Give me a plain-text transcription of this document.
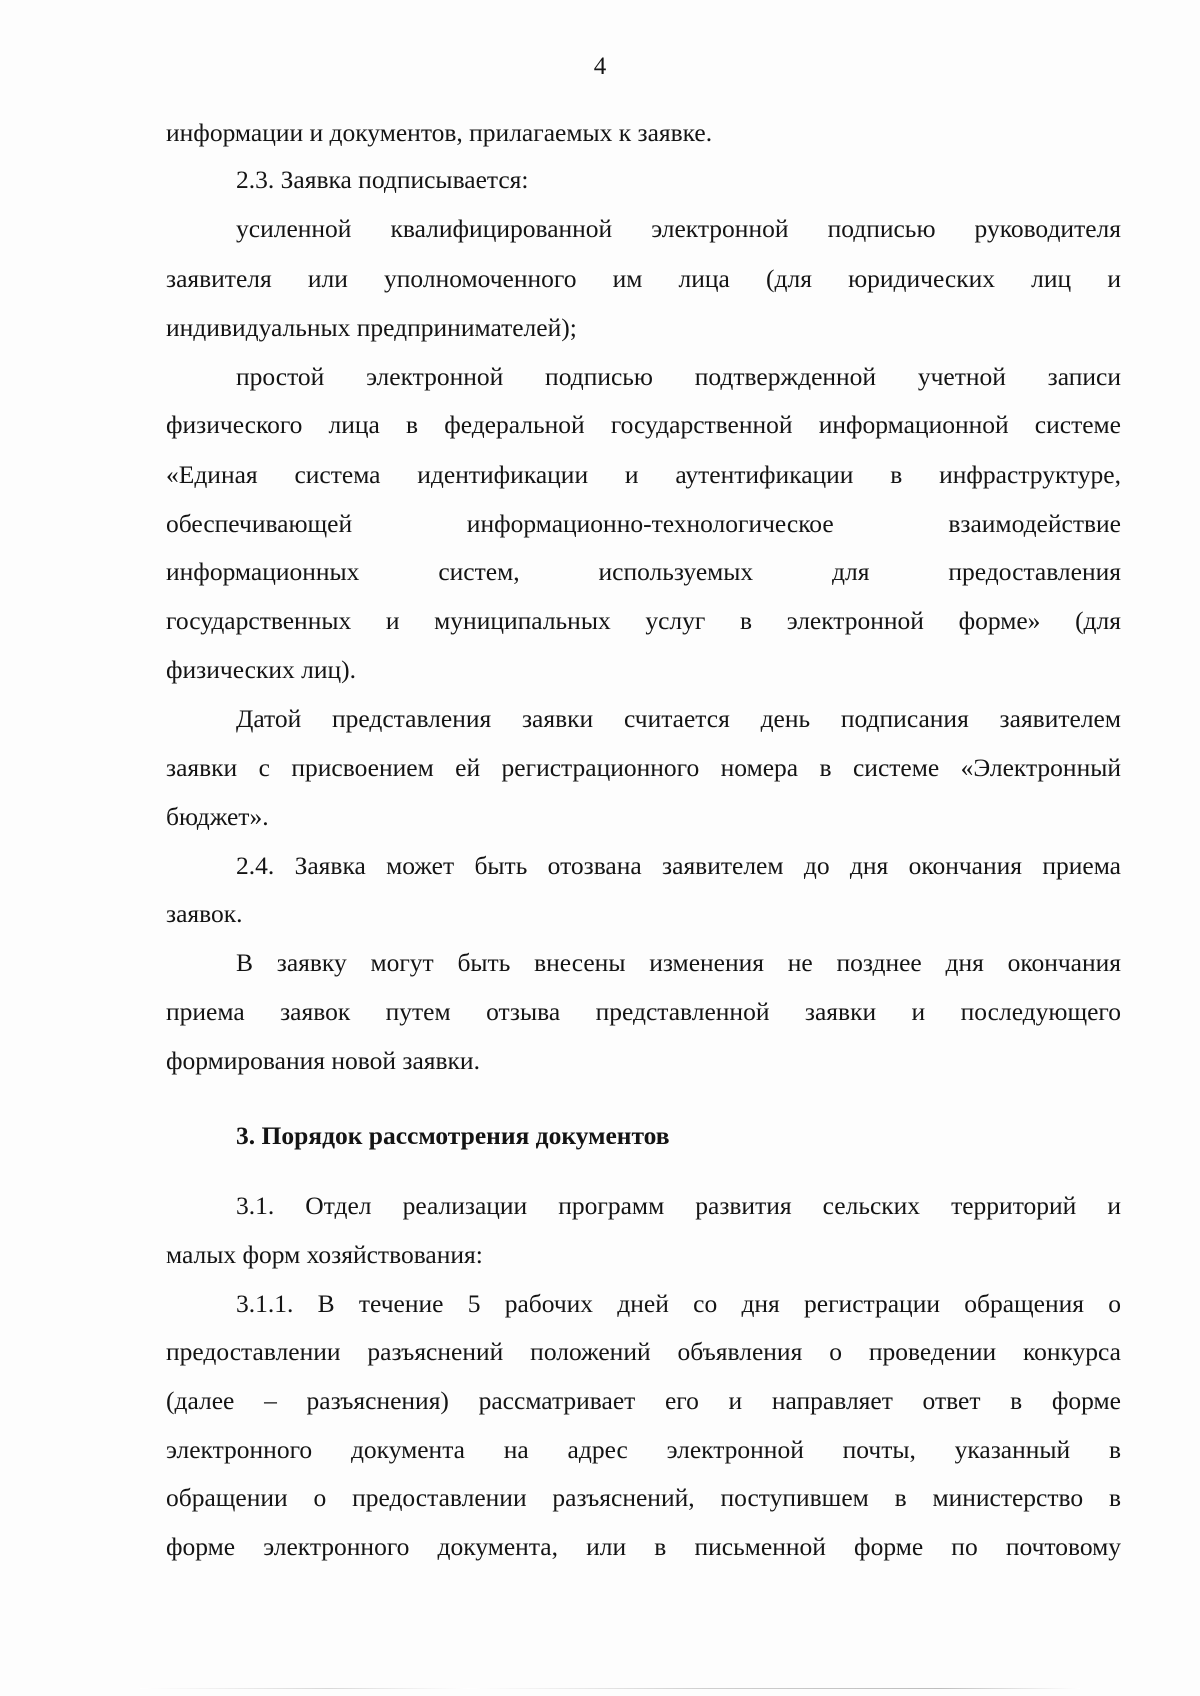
4
информации и документов, прилагаемых к заявке.
2.3. Заявка подписывается:
усиленной квалифицированной электронной подписью руководителя
заявителя или уполномоченного им лица (для юридических лиц и
индивидуальных предпринимателей);
простой электронной подписью подтвержденной учетной записи
физического лица в федеральной государственной информационной системе
«Единая система идентификации и аутентификации в инфраструктуре,
обеспечивающей информационно-технологическое взаимодействие
информационных систем, используемых для предоставления
государственных и муниципальных услуг в электронной форме» (для
физических лиц).
Датой представления заявки считается день подписания заявителем
заявки с присвоением ей регистрационного номера в системе «Электронный
бюджет».
2.4. Заявка может быть отозвана заявителем до дня окончания приема
заявок.
В заявку могут быть внесены изменения не позднее дня окончания
приема заявок путем отзыва представленной заявки и последующего
формирования новой заявки.
3. Порядок рассмотрения документов
3.1. Отдел реализации программ развития сельских территорий и
малых форм хозяйствования:
3.1.1. В течение 5 рабочих дней со дня регистрации обращения о
предоставлении разъяснений положений объявления о проведении конкурса
(далее – разъяснения) рассматривает его и направляет ответ в форме
электронного документа на адрес электронной почты, указанный в
обращении о предоставлении разъяснений, поступившем в министерство в
форме электронного документа, или в письменной форме по почтовому
